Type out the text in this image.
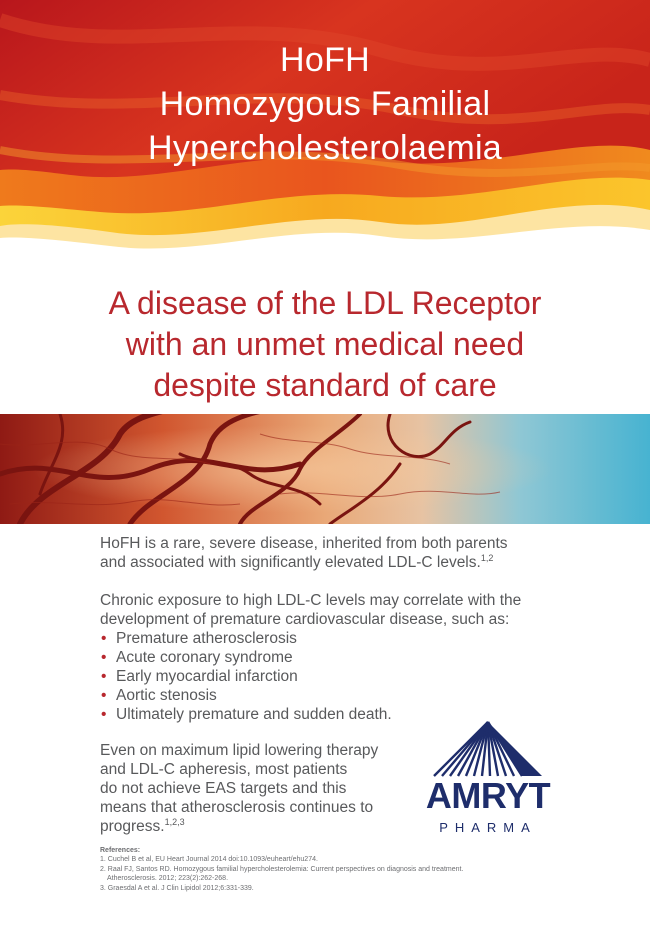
HoFH
Homozygous Familial
Hypercholesterolaemia
A disease of the LDL Receptor
with an unmet medical need
despite standard of care

HoFH is a rare, severe disease, inherited from both parents
and associated with significantly elevated LDL-C levels.$^{1,2}$

Chronic exposure to high LDL-C levels may correlate with the
development of premature cardiovascular disease, such as:

• Premature atherosclerosis
• Acute coronary syndrome
• Early myocardial infarction
• Aortic stenosis
• Ultimately premature and sudden death.
Even on maximum lipid lowering therapy
and LDL-C apheresis, most patients
do not achieve EAS targets and this
means that atherosclerosis continues to
progress.$^{1,2,3}$
AMRYT
PHARMA
References:
1. Cuchel B et al, EU Heart Journal 2014 doi:10.1093/euheart/ehu274.
2. Raal FJ, Santos RD. Homozygous familial hypercholesterolemia: Current perspectives on diagnosis and treatment.
Atherosclerosis. 2012; 223(2):262-268.
3. Graesdal A et al. J Clin Lipidol 2012;6:331-339.
